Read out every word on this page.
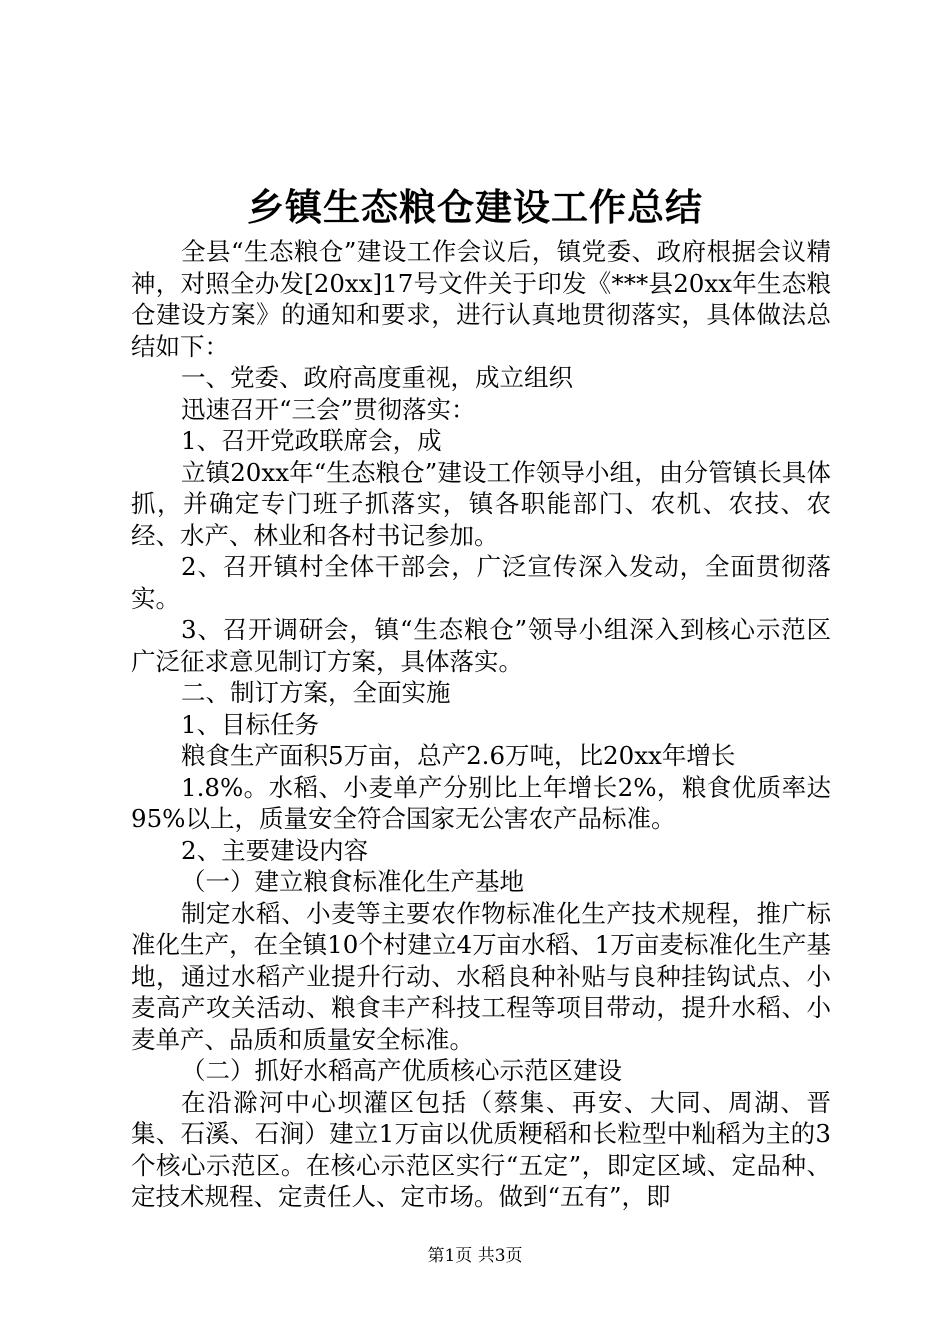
乡镇生态粮仓建设工作总结

全县“生态粮仓”建设工作会议后，镇党委、政府根据会议精神，对照全办发[20xx]17号文件关于印发《***县20xx年生态粮仓建设方案》的通知和要求，进行认真地贯彻落实，具体做法总结如下：

一、党委、政府高度重视，成立组织

迅速召开“三会”贯彻落实：

1、召开党政联席会，成

立镇20xx年“生态粮仓”建设工作领导小组，由分管镇长具体抓，并确定专门班子抓落实，镇各职能部门、农机、农技、农经、水产、林业和各村书记参加。

2、召开镇村全体干部会，广泛宣传深入发动，全面贯彻落实。

3、召开调研会，镇“生态粮仓”领导小组深入到核心示范区广泛征求意见制订方案，具体落实。

二、制订方案，全面实施

1、目标任务

粮食生产面积5万亩，总产2.6万吨，比20xx年增长

1.8%。水稻、小麦单产分别比上年增长2%，粮食优质率达95%以上，质量安全符合国家无公害农产品标准。

2、主要建设内容

（一）建立粮食标准化生产基地

制定水稻、小麦等主要农作物标准化生产技术规程，推广标准化生产，在全镇10个村建立4万亩水稻、1万亩麦标准化生产基地，通过水稻产业提升行动、水稻良种补贴与良种挂钩试点、小麦高产攻关活动、粮食丰产科技工程等项目带动，提升水稻、小麦单产、品质和质量安全标准。

（二）抓好水稻高产优质核心示范区建设

在沿滁河中心坝灌区包括（蔡集、再安、大同、周湖、晋集、石溪、石涧）建立1万亩以优质粳稻和长粒型中籼稻为主的3个核心示范区。在核心示范区实行“五定”，即定区域、定品种、定技术规程、定责任人、定市场。做到“五有”，即

第1页 共3页
